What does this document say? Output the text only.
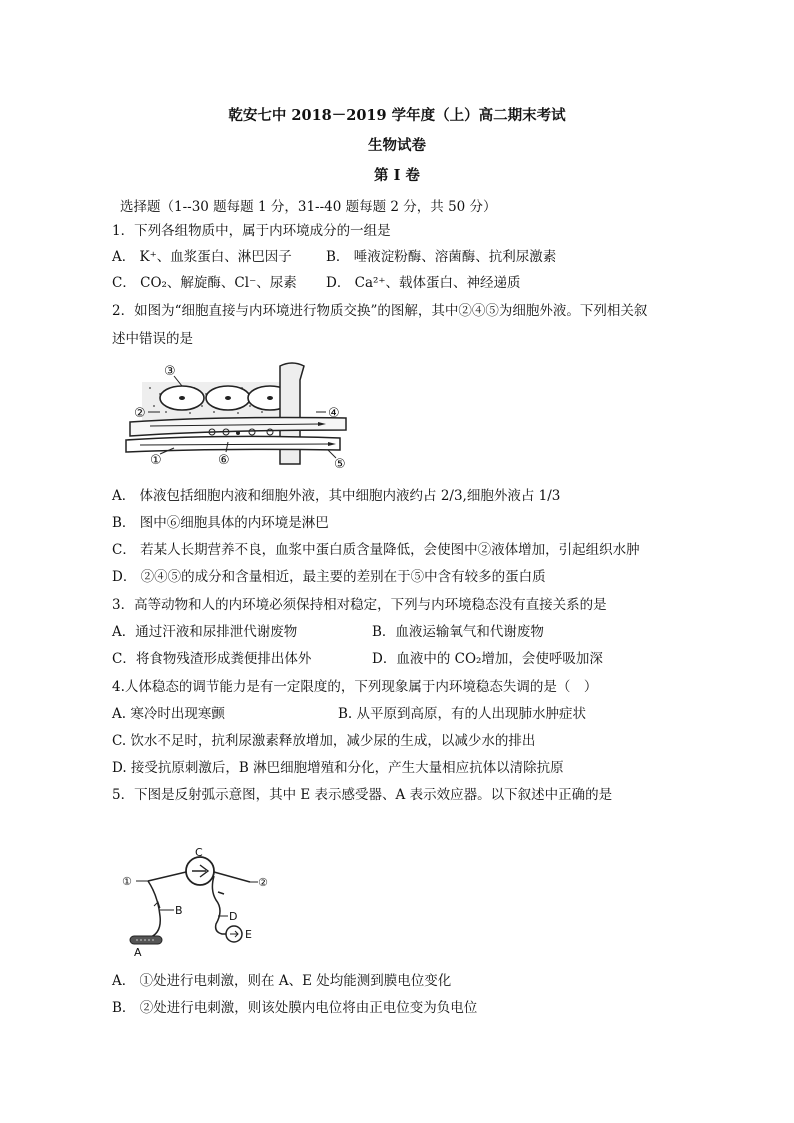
乾安七中 2018－2019 学年度（上）高二期末考试
生物试卷
第 I 卷
选择题（1--30 题每题 1 分，31--40 题每题 2 分，共 50 分）
1．下列各组物质中，属于内环境成分的一组是
A． K⁺、血浆蛋白、淋巴因子	B． 唾液淀粉酶、溶菌酶、抗利尿激素
C． CO₂、解旋酶、Cl⁻、尿素 D． Ca²⁺、载体蛋白、神经递质
2．如图为“细胞直接与内环境进行物质交换”的图解，其中②④⑤为细胞外液。下列相关叙
述中错误的是
③
②	④
①	⑥	⑤
A． 体液包括细胞内液和细胞外液，其中细胞内液约占 2/3,细胞外液占 1/3
B． 图中⑥细胞具体的内环境是淋巴
C． 若某人长期营养不良，血浆中蛋白质含量降低，会使图中②液体增加，引起组织水肿
D． ②④⑤的成分和含量相近，最主要的差别在于⑤中含有较多的蛋白质
3．高等动物和人的内环境必须保持相对稳定，下列与内环境稳态没有直接关系的是
A．通过汗液和尿排泄代谢废物	B．血液运输氧气和代谢废物
C．将食物残渣形成粪便排出体外	D．血液中的 CO₂增加，会使呼吸加深
4.人体稳态的调节能力是有一定限度的，下列现象属于内环境稳态失调的是（　）
A. 寒冷时出现寒颤	B. 从平原到高原，有的人出现肺水肿症状
C. 饮水不足时，抗利尿激素释放增加，减少尿的生成，以减少水的排出
D. 接受抗原刺激后，B 淋巴细胞增殖和分化，产生大量相应抗体以清除抗原
5．下图是反射弧示意图，其中 E 表示感受器、A 表示效应器。以下叙述中正确的是
C
①	②
B	D
E
A
A． ①处进行电刺激，则在 A、E 处均能测到膜电位变化
B． ②处进行电刺激，则该处膜内电位将由正电位变为负电位
